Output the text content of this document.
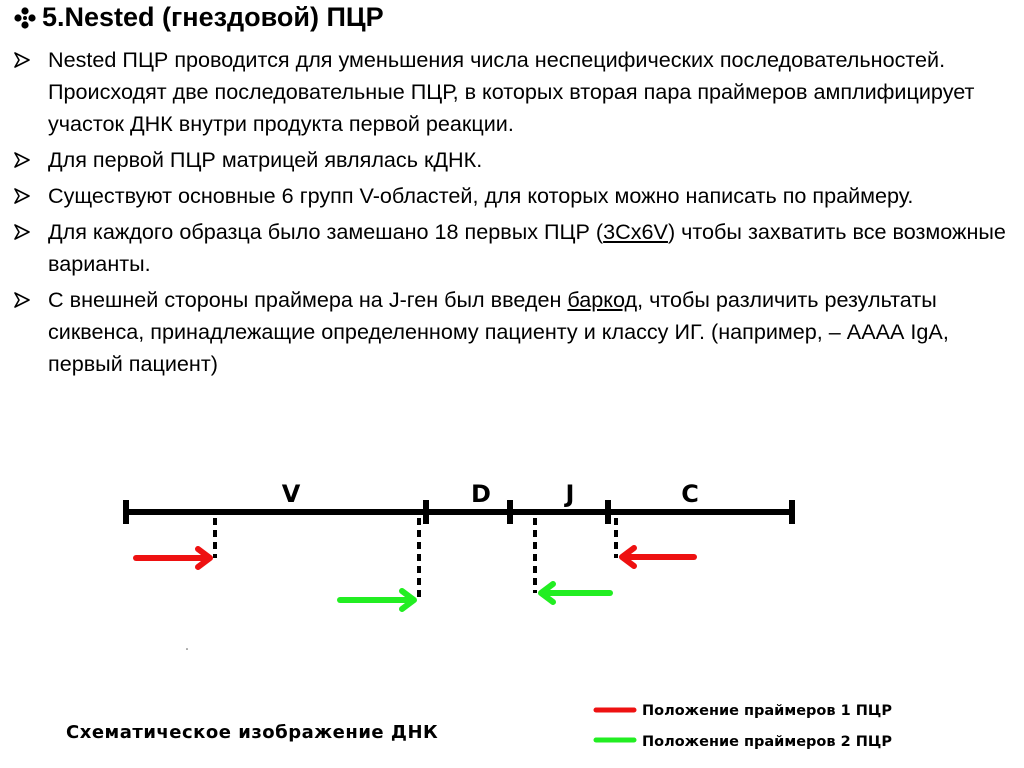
5.Nested (гнездовой) ПЦР
Nested ПЦР проводится для уменьшения числа неспецифических последовательностей. Происходят две последовательные ПЦР, в которых вторая пара праймеров амплифицирует участок ДНК внутри продукта первой реакции.
Для первой ПЦР матрицей являлась кДНК.
Существуют основные 6 групп V-областей, для которых можно написать по праймеру.
Для каждого образца было замешано 18 первых ПЦР (3Cx6V) чтобы захватить все возможные варианты.
С внешней стороны праймера на J-ген был введен баркод, чтобы различить результаты сиквенса, принадлежащие определенному пациенту и классу ИГ. (например, – АААА IgA, первый пациент)
V	D	J	C
Схематическое изображение ДНК
Положение праймеров 1 ПЦР
Положение праймеров 2 ПЦР
